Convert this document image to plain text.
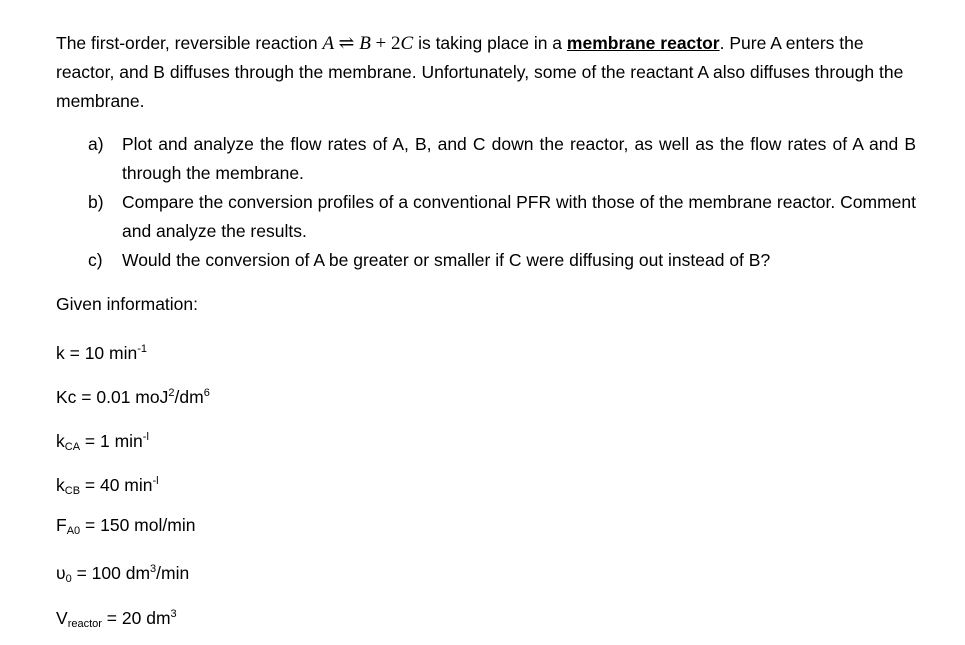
The first-order, reversible reaction A ⇌ B + 2C is taking place in a membrane reactor. Pure A enters the reactor, and B diffuses through the membrane. Unfortunately, some of the reactant A also diffuses through the membrane.

a)	Plot and analyze the flow rates of A, B, and C down the reactor, as well as the flow rates of A and B through the membrane.
b)	Compare the conversion profiles of a conventional PFR with those of the membrane reactor. Comment and analyze the results.
c)	Would the conversion of A be greater or smaller if C were diffusing out instead of B?

Given information:

k = 10 $\min^{-1}$

Kc = 0.01 $moJ^2/dm^6$

$k_{CA} = 1$ $\min^{-l}$

$k_{CB} = 40$ $\min^{-l}$

$F_{A0} = 150$ mol/min

$\upsilon_0 = 100$ $dm^3/\min$

$V_{reactor} = 20$ $dm^3$
